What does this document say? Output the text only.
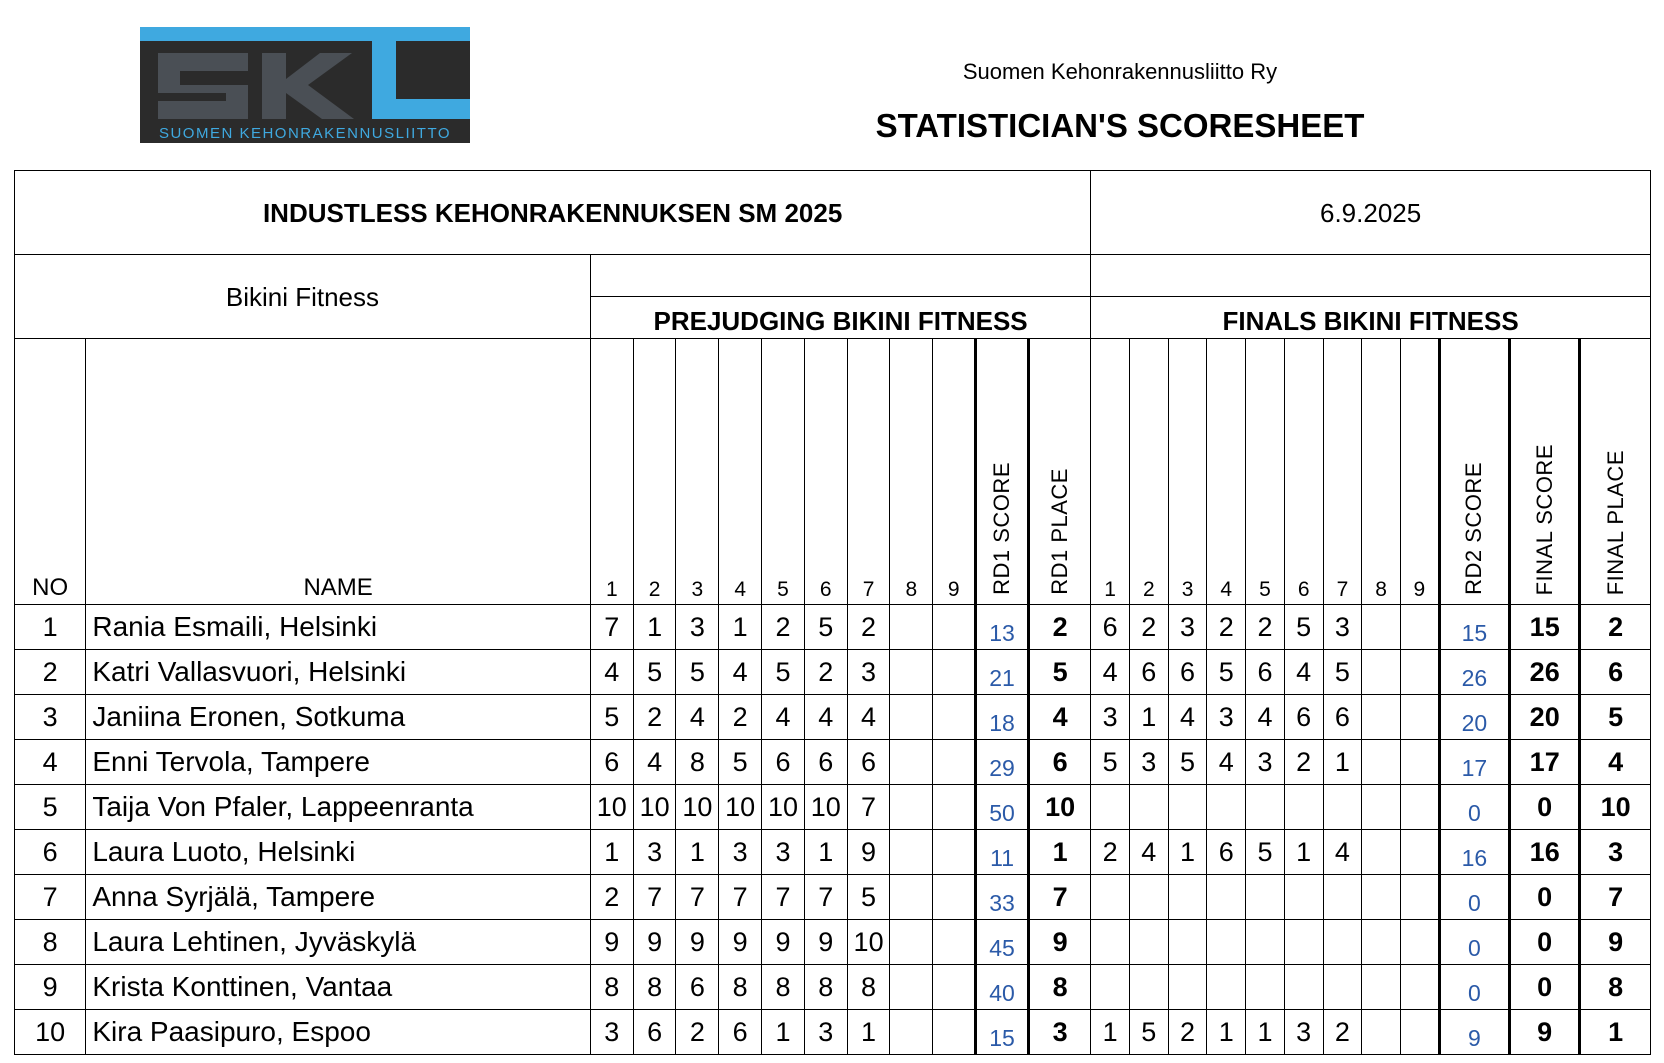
SUOMEN KEHONRAKENNUSLIITTO
Suomen Kehonrakennusliitto Ry
STATISTICIAN'S SCORESHEET
INDUSTLESS KEHONRAKENNUKSEN SM 2025													6.9.2025											
Bikini Fitness																								
		PREJUDGING BIKINI FITNESS											FINALS BIKINI FITNESS											
NO	NAME	1	2	3	4	5	6	7	8	9	RD1 SCORE	RD1 PLACE	1	2	3	4	5	6	7	8	9	RD2 SCORE	FINAL SCORE	FINAL PLACE
1	Rania Esmaili, Helsinki	7	1	3	1	2	5	2			13	2	6	2	3	2	2	5	3			15	15	2
2	Katri Vallasvuori, Helsinki	4	5	5	4	5	2	3			21	5	4	6	6	5	6	4	5			26	26	6
3	Janiina Eronen, Sotkuma	5	2	4	2	4	4	4			18	4	3	1	4	3	4	6	6			20	20	5
4	Enni Tervola, Tampere	6	4	8	5	6	6	6			29	6	5	3	5	4	3	2	1			17	17	4
5	Taija Von Pfaler, Lappeenranta	10	10	10	10	10	10	7			50	10										0	0	10
6	Laura Luoto, Helsinki	1	3	1	3	3	1	9			11	1	2	4	1	6	5	1	4			16	16	3
7	Anna Syrjälä, Tampere	2	7	7	7	7	7	5			33	7										0	0	7
8	Laura Lehtinen, Jyväskylä	9	9	9	9	9	9	10			45	9										0	0	9
9	Krista Konttinen, Vantaa	8	8	6	8	8	8	8			40	8										0	0	8
10	Kira Paasipuro, Espoo	3	6	2	6	1	3	1			15	3	1	5	2	1	1	3	2			9	9	1
